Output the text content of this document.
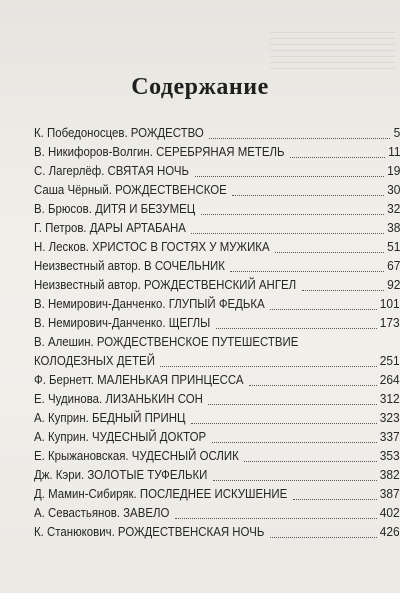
Содержание
К. Победоносцев. РОЖДЕСТВО	5
В. Никифоров-Волгин. СЕРЕБРЯНАЯ МЕТЕЛЬ	11
С. Лагерлёф. СВЯТАЯ НОЧЬ	19
Саша Чёрный. РОЖДЕСТВЕНСКОЕ	30
В. Брюсов. ДИТЯ И БЕЗУМЕЦ	32
Г. Петров. ДАРЫ АРТАБАНА	38
Н. Лесков. ХРИСТОС В ГОСТЯХ У МУЖИКА	51
Неизвестный автор. В СОЧЕЛЬНИК	67
Неизвестный автор. РОЖДЕСТВЕНСКИЙ АНГЕЛ	92
В. Немирович-Данченко. ГЛУПЫЙ ФЕДЬКА	101
В. Немирович-Данченко. ЩЕГЛЫ	173
В. Алешин. РОЖДЕСТВЕНСКОЕ ПУТЕШЕСТВИЕ
КОЛОДЕЗНЫХ ДЕТЕЙ	251
Ф. Бернетт. МАЛЕНЬКАЯ ПРИНЦЕССА	264
Е. Чудинова. ЛИЗАНЬКИН СОН	312
А. Куприн. БЕДНЫЙ ПРИНЦ	323
А. Куприн. ЧУДЕСНЫЙ ДОКТОР	337
Е. Крыжановская. ЧУДЕСНЫЙ ОСЛИК	353
Дж. Кэри. ЗОЛОТЫЕ ТУФЕЛЬКИ	382
Д. Мамин-Сибиряк. ПОСЛЕДНЕЕ ИСКУШЕНИЕ	387
А. Севастьянов. ЗАВЕЛО	402
К. Станюкович. РОЖДЕСТВЕНСКАЯ НОЧЬ	426
